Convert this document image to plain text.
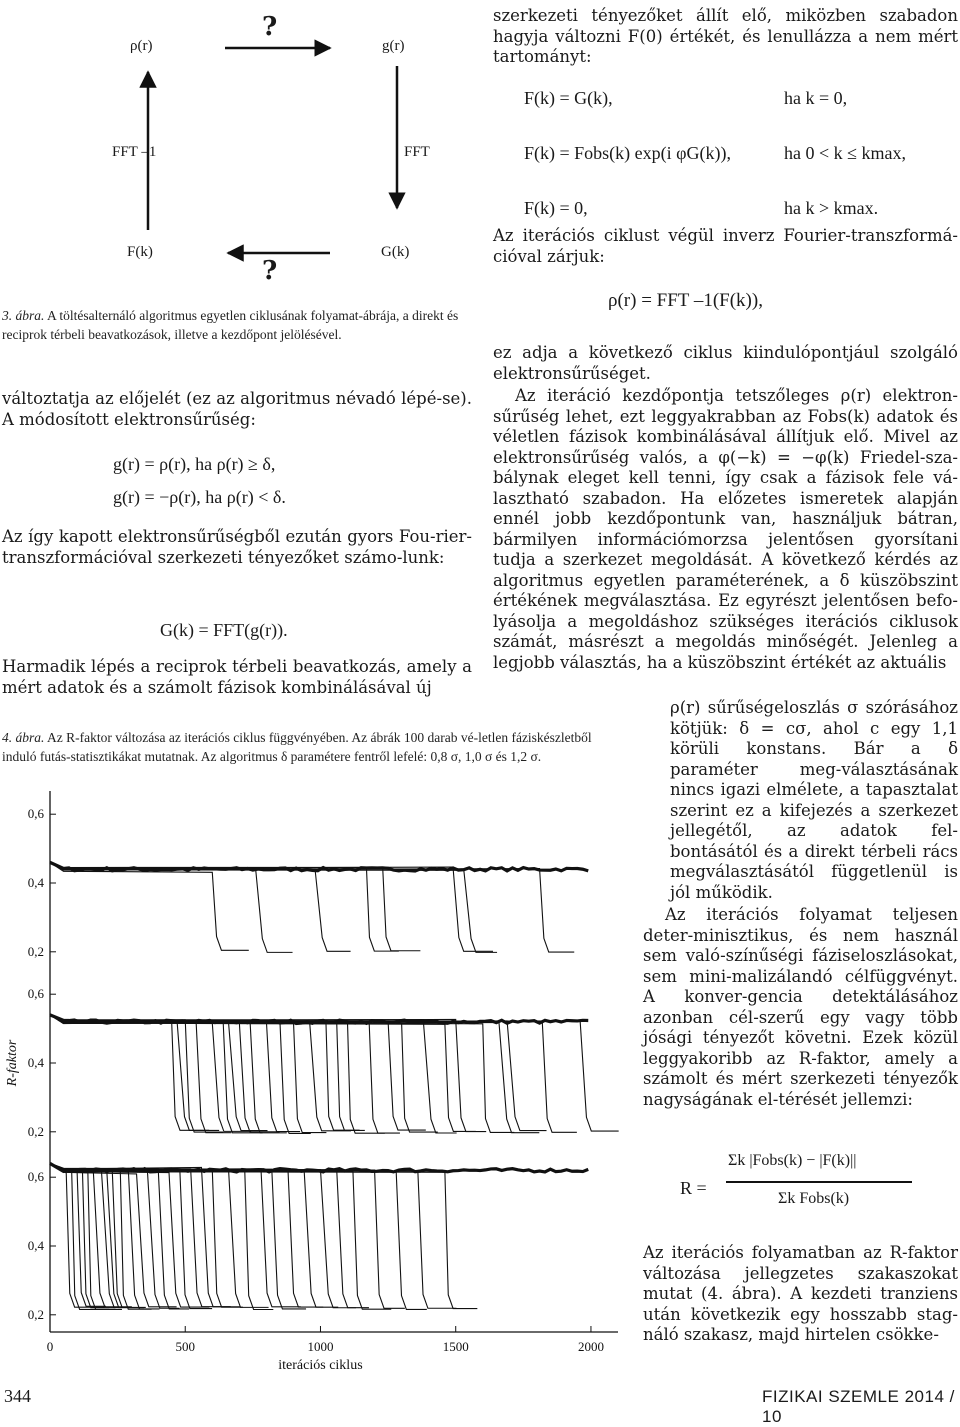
ρ(r)	g(r)
?
FFT –1	FFT
F(k)	G(k)
?
3. ábra. A töltésalternáló algoritmus egyetlen ciklusának folyamat-ábrája, a direkt és reciprok térbeli beavatkozások, illetve a kezdőpont jelölésével.
változtatja az előjelét (ez az algoritmus névadó lépé-se). A módosított elektronsűrűség:
g(r) = ρ(r), ha ρ(r) ≥ δ,
g(r) = −ρ(r), ha ρ(r) < δ.
Az így kapott elektronsűrűségből ezután gyors Fou-rier-transzformációval szerkezeti tényezőket számo-lunk:
G(k) = FFT(g(r)).
Harmadik lépés a reciprok térbeli beavatkozás, amely a mért adatok és a számolt fázisok kombinálásával új
4. ábra. Az R-faktor változása az iterációs ciklus függvényében. Az ábrák 100 darab vé-letlen fáziskészletből induló futás-statisztikákat mutatnak. Az algoritmus δ paramétere fentről lefelé: 0,8 σ, 1,0 σ és 1,2 σ.
0,6
0,4
0,2
0,6
0,4
0,2
0,6
0,4
0,2
0	500	1000	1500	2000
iterációs ciklus
R-faktor
szerkezeti tényezőket állít elő, miközben szabadon hagyja változni F(0) értékét, és lenullázza a nem mért tartományt:
F(k) = G(k),	ha k = 0,
F(k) = Fobs(k) exp(i φG(k)),	ha 0 < k ≤ kmax,
F(k) = 0,	ha k > kmax.
Az iterációs ciklust végül inverz Fourier-transzformá-cióval zárjuk:
ρ(r) = FFT –1(F(k)),
ez adja a következő ciklus kiindulópontjául szolgáló elektronsűrűséget.
Az iteráció kezdőpontja tetszőleges ρ(r) elektron-sűrűség lehet, ezt leggyakrabban az Fobs(k) adatok és véletlen fázisok kombinálásával állítjuk elő. Mivel az elektronsűrűség valós, a φ(−k) = −φ(k) Friedel-sza-bálynak eleget kell tenni, így csak a fázisok fele vá-lasztható szabadon. Ha előzetes ismeretek alapján ennél jobb kezdőpontunk van, használjuk bátran, bármilyen információmorzsa jelentősen gyorsítani tudja a szerkezet megoldását. A következő kérdés az algoritmus egyetlen paraméterének, a δ küszöbszint értékének megválasztása. Ez egyrészt jelentősen befo-lyásolja a megoldáshoz szükséges iterációs ciklusok számát, másrészt a megoldás minőségét. Jelenleg a legjobb választás, ha a küszöbszint értékét az aktuális
ρ(r) sűrűségeloszlás σ szórásához kötjük: δ = cσ, ahol c egy 1,1 körüli konstans. Bár a δ paraméter meg-választásának nincs igazi elmélete, a tapasztalat szerint ez a kifejezés a szerkezet jellegétől, az adatok fel-bontásától és a direkt térbeli rács megválasztásától függetlenül is jól működik.
Az iterációs folyamat teljesen deter-minisztikus, és nem használ sem való-színűségi fáziseloszlásokat, sem mini-malizálandó célfüggvényt. A konver-gencia detektálásához azonban cél-szerű egy vagy több jósági tényezőt követni. Ezek közül leggyakoribb az R-faktor, amely a számolt és mért szerkezeti tényezők nagyságának el-térését jellemzi:
R =
Σk |Fobs(k) − |F(k)||
Σk Fobs(k)
Az iterációs folyamatban az R-faktor változása jellegzetes szakaszokat mutat (4. ábra). A kezdeti tranziens után következik egy hosszabb stag-náló szakasz, majd hirtelen csökke-
344	FIZIKAI SZEMLE 2014 / 10
